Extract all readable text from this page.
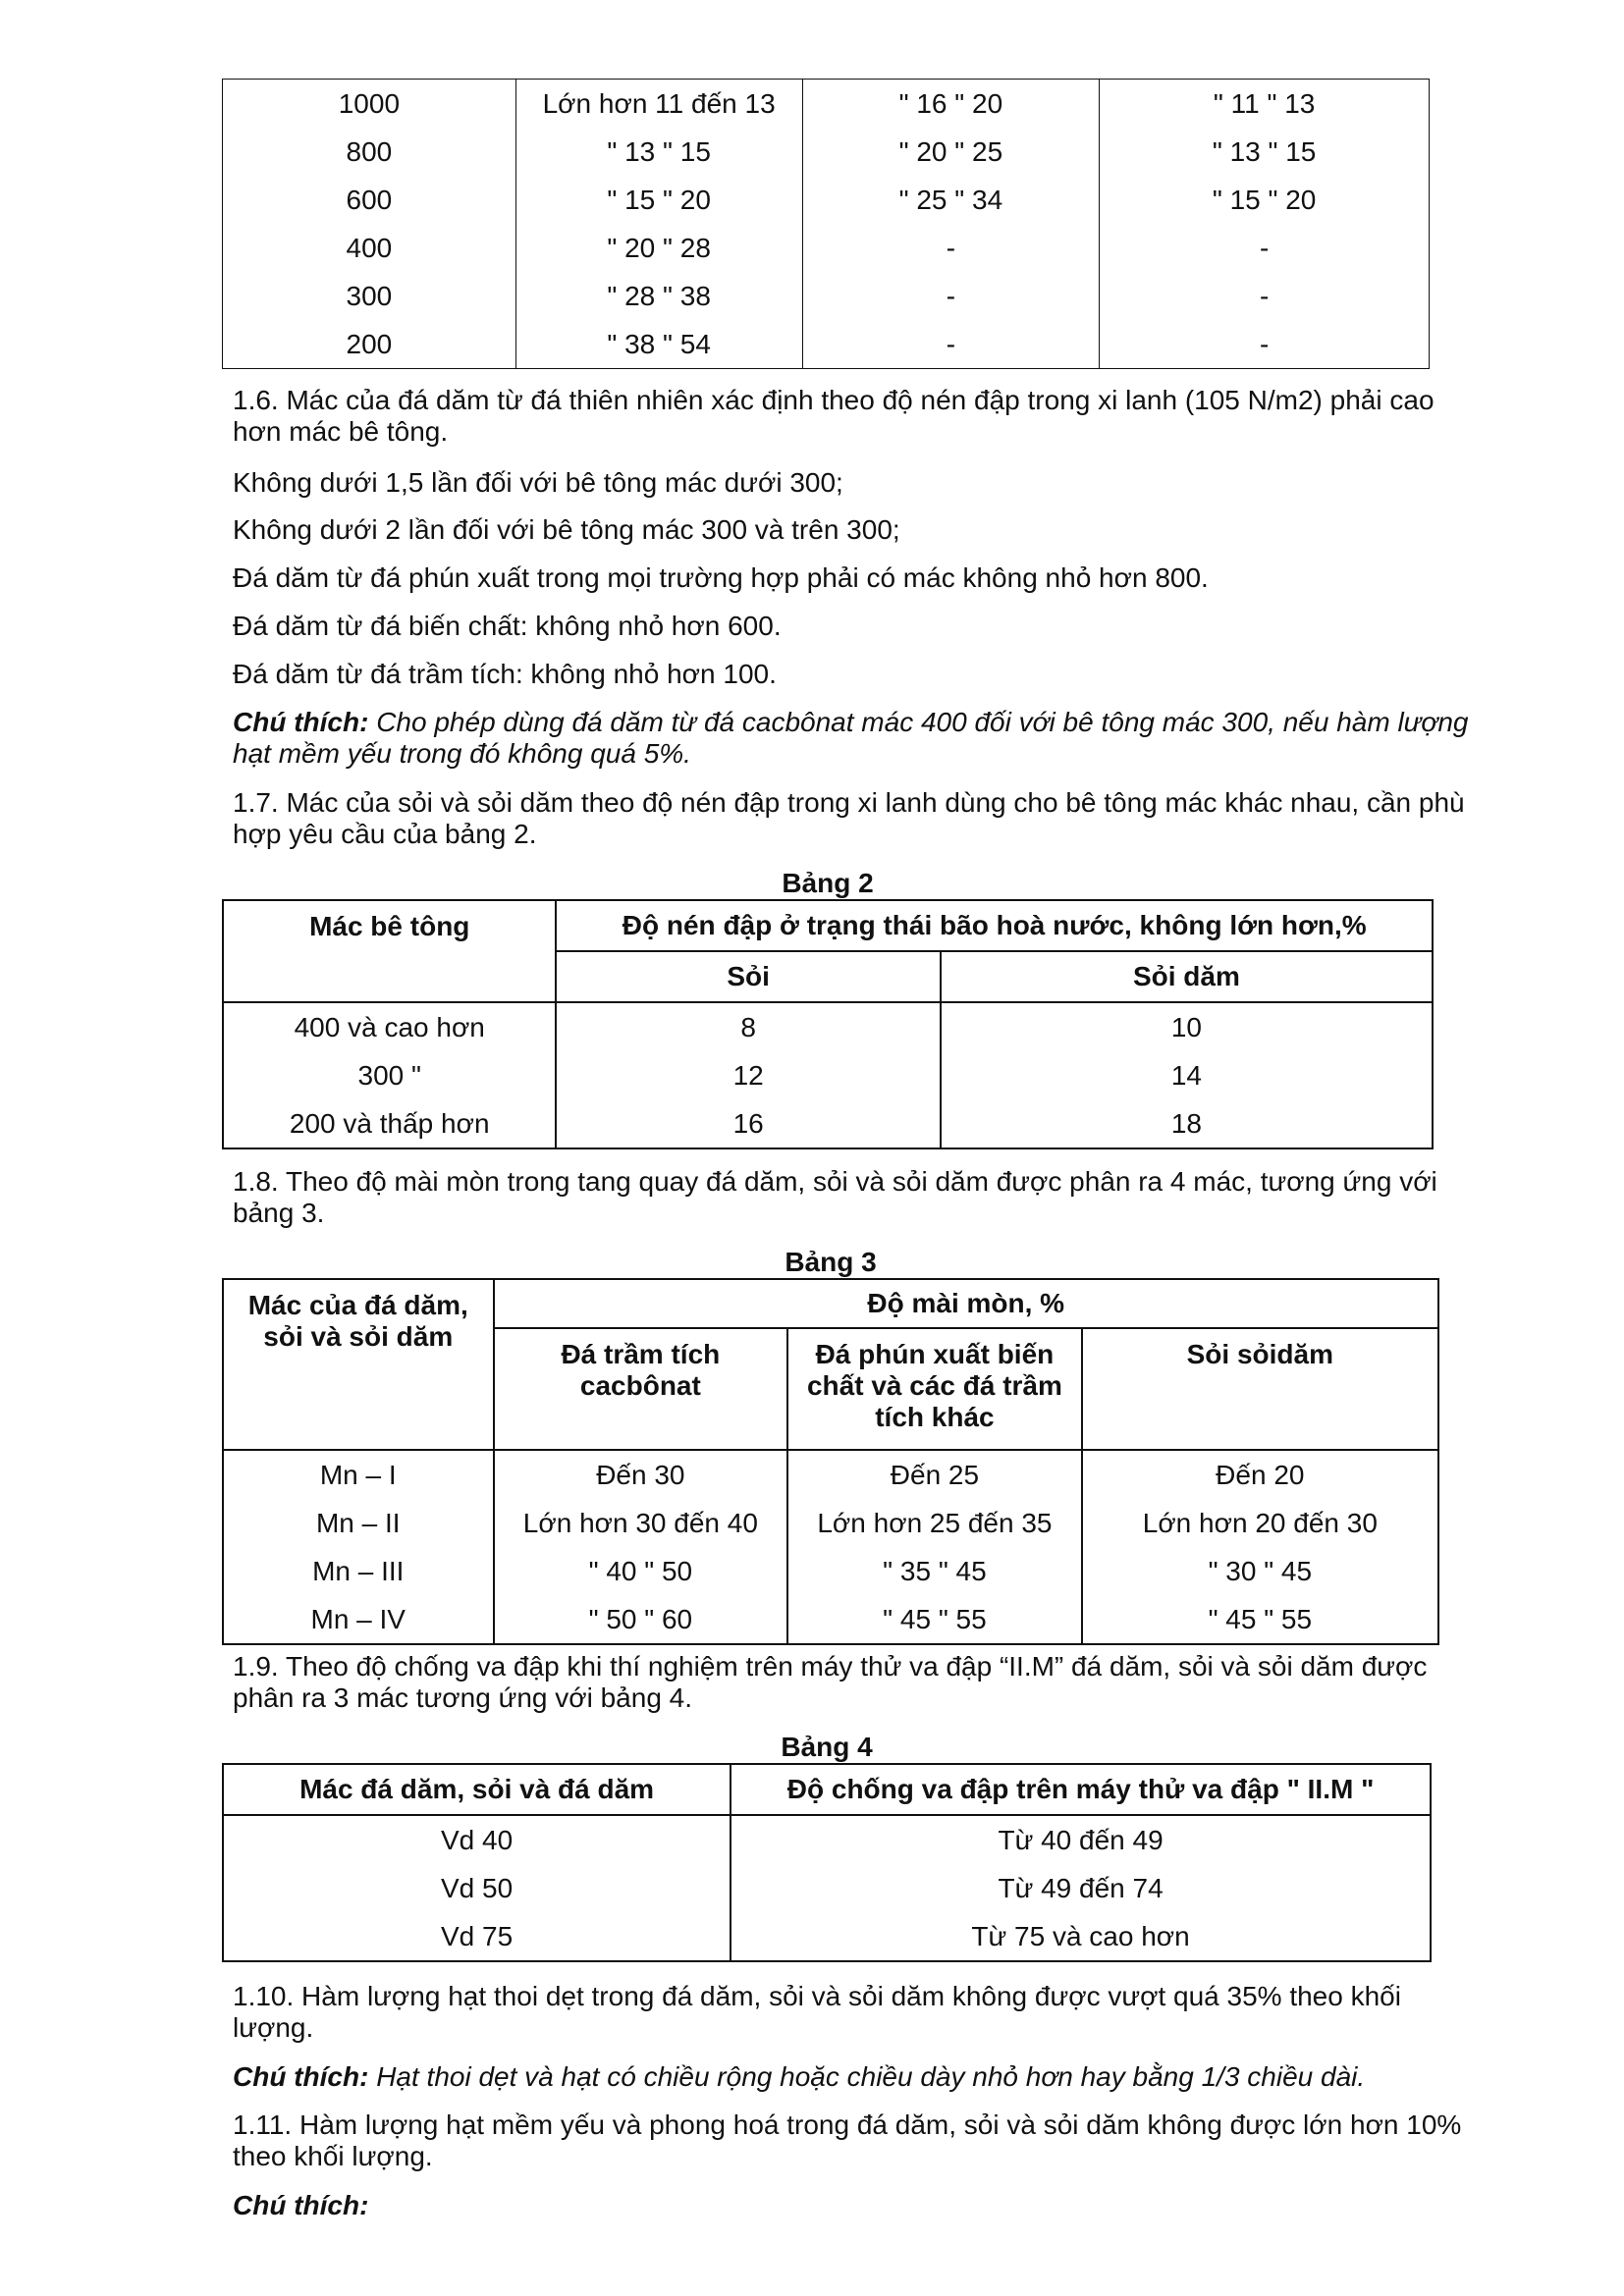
1000	Lớn hơn 11 đến 13	" 16 " 20	" 11 " 13
800	" 13 " 15	" 20 " 25	" 13 " 15
600	" 15 " 20	" 25 " 34	" 15 " 20
400	" 20 " 28	-	-
300	" 28 " 38	-	-
200	" 38 " 54	-	-
1.6. Mác của đá dăm từ đá thiên nhiên xác định theo độ nén đập trong xi lanh (105 N/m2) phải cao hơn mác bê tông.
Không dưới 1,5 lần đối với bê tông mác dưới 300;
Không dưới 2 lần đối với bê tông mác 300 và trên 300;
Đá dăm từ đá phún xuất trong mọi trường hợp phải có mác không nhỏ hơn 800.
Đá dăm từ đá biến chất: không nhỏ hơn 600.
Đá dăm từ đá trầm tích: không nhỏ hơn 100.
Chú thích: Cho phép dùng đá dăm từ đá cacbônat mác 400 đối với bê tông mác 300, nếu hàm lượng hạt mềm yếu trong đó không quá 5%.
1.7. Mác của sỏi và sỏi dăm theo độ nén đập trong xi lanh dùng cho bê tông mác khác nhau, cần phù hợp yêu cầu của bảng 2.
Bảng 2
Mác bê tông	Độ nén đập ở trạng thái bão hoà nước, không lớn hơn,%	
	Sỏi	Sỏi dăm
400 và cao hơn	8	10
300 "	12	14
200 và thấp hơn	16	18
1.8. Theo độ mài mòn trong tang quay đá dăm, sỏi và sỏi dăm được phân ra 4 mác, tương ứng với bảng 3.
Bảng 3
Mác của đá dăm, sỏi và sỏi dăm	Độ mài mòn, %		
	Đá trầm tích cacbônat	Đá phún xuất biến chất và các đá trầm tích khác	Sỏi sỏidăm
Mn – I	Đến 30	Đến 25	Đến 20
Mn – II	Lớn hơn 30 đến 40	Lớn hơn 25 đến 35	Lớn hơn 20 đến 30
Mn – III	" 40 " 50	" 35 " 45	" 30 " 45
Mn – IV	" 50 " 60	" 45 " 55	" 45 " 55
1.9. Theo độ chống va đập khi thí nghiệm trên máy thử va đập “II.M” đá dăm, sỏi và sỏi dăm được phân ra 3 mác tương ứng với bảng 4.
Bảng 4
Mác đá dăm, sỏi và đá dăm	Độ chống va đập trên máy thử va đập " II.M "
Vd 40	Từ 40 đến 49
Vd 50	Từ 49 đến 74
Vd 75	Từ 75 và cao hơn
1.10. Hàm lượng hạt thoi dẹt trong đá dăm, sỏi và sỏi dăm không được vượt quá 35% theo khối lượng.
Chú thích: Hạt thoi dẹt và hạt có chiều rộng hoặc chiều dày nhỏ hơn hay bằng 1/3 chiều dài.
1.11. Hàm lượng hạt mềm yếu và phong hoá trong đá dăm, sỏi và sỏi dăm không được lớn hơn 10% theo khối lượng.
Chú thích:
